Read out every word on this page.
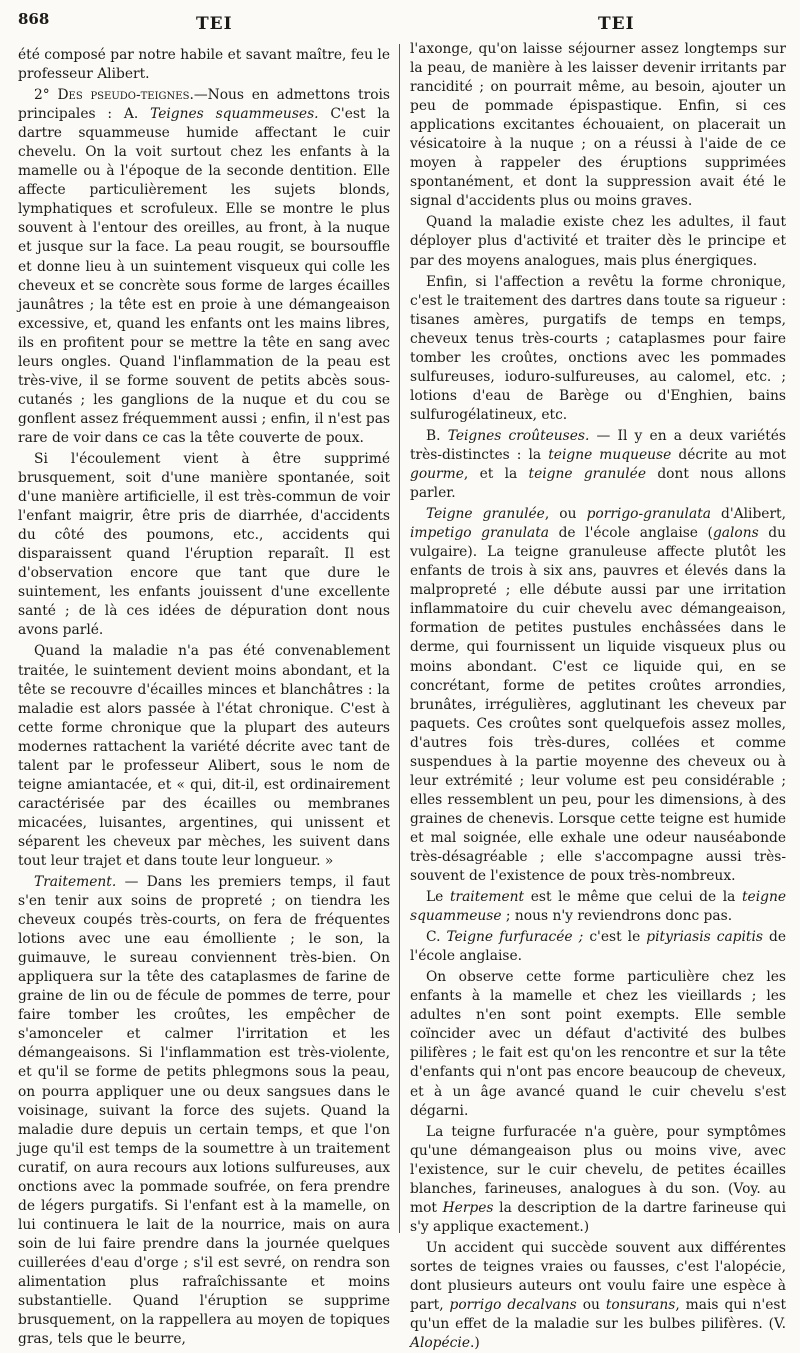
868	TEI	TEI

été composé par notre habile et savant maître, feu le professeur Alibert.

2° Des pseudo-teignes.—Nous en admettons trois principales : A. Teignes squammeuses. C'est la dartre squammeuse humide affectant le cuir chevelu. On la voit surtout chez les enfants à la mamelle ou à l'époque de la seconde dentition. Elle affecte particulièrement les sujets blonds, lymphatiques et scrofuleux. Elle se montre le plus souvent à l'entour des oreilles, au front, à la nuque et jusque sur la face. La peau rougit, se boursouffle et donne lieu à un suintement visqueux qui colle les cheveux et se concrète sous forme de larges écailles jaunâtres ; la tête est en proie à une démangeaison excessive, et, quand les enfants ont les mains libres, ils en profitent pour se mettre la tête en sang avec leurs ongles. Quand l'inflammation de la peau est très-vive, il se forme souvent de petits abcès sous-cutanés ; les ganglions de la nuque et du cou se gonflent assez fréquemment aussi ; enfin, il n'est pas rare de voir dans ce cas la tête couverte de poux.

Si l'écoulement vient à être supprimé brusquement, soit d'une manière spontanée, soit d'une manière artificielle, il est très-commun de voir l'enfant maigrir, être pris de diarrhée, d'accidents du côté des poumons, etc., accidents qui disparaissent quand l'éruption reparaît. Il est d'observation encore que tant que dure le suintement, les enfants jouissent d'une excellente santé ; de là ces idées de dépuration dont nous avons parlé.

Quand la maladie n'a pas été convenablement traitée, le suintement devient moins abondant, et la tête se recouvre d'écailles minces et blanchâtres : la maladie est alors passée à l'état chronique. C'est à cette forme chronique que la plupart des auteurs modernes rattachent la variété décrite avec tant de talent par le professeur Alibert, sous le nom de teigne amiantacée, et « qui, dit-il, est ordinairement caractérisée par des écailles ou membranes micacées, luisantes, argentines, qui unissent et séparent les cheveux par mèches, les suivent dans tout leur trajet et dans toute leur longueur. »

Traitement. — Dans les premiers temps, il faut s'en tenir aux soins de propreté ; on tiendra les cheveux coupés très-courts, on fera de fréquentes lotions avec une eau émolliente ; le son, la guimauve, le sureau conviennent très-bien. On appliquera sur la tête des cataplasmes de farine de graine de lin ou de fécule de pommes de terre, pour faire tomber les croûtes, les empêcher de s'amonceler et calmer l'irritation et les démangeaisons. Si l'inflammation est très-violente, et qu'il se forme de petits phlegmons sous la peau, on pourra appliquer une ou deux sangsues dans le voisinage, suivant la force des sujets. Quand la maladie dure depuis un certain temps, et que l'on juge qu'il est temps de la soumettre à un traitement curatif, on aura recours aux lotions sulfureuses, aux onctions avec la pommade soufrée, on fera prendre de légers purgatifs. Si l'enfant est à la mamelle, on lui continuera le lait de la nourrice, mais on aura soin de lui faire prendre dans la journée quelques cuillerées d'eau d'orge ; s'il est sevré, on rendra son alimentation plus rafraîchissante et moins substantielle. Quand l'éruption se supprime brusquement, on la rappellera au moyen de topiques gras, tels que le beurre,

l'axonge, qu'on laisse séjourner assez longtemps sur la peau, de manière à les laisser devenir irritants par rancidité ; on pourrait même, au besoin, ajouter un peu de pommade épispastique. Enfin, si ces applications excitantes échouaient, on placerait un vésicatoire à la nuque ; on a réussi à l'aide de ce moyen à rappeler des éruptions supprimées spontanément, et dont la suppression avait été le signal d'accidents plus ou moins graves.

Quand la maladie existe chez les adultes, il faut déployer plus d'activité et traiter dès le principe et par des moyens analogues, mais plus énergiques.

Enfin, si l'affection a revêtu la forme chronique, c'est le traitement des dartres dans toute sa rigueur : tisanes amères, purgatifs de temps en temps, cheveux tenus très-courts ; cataplasmes pour faire tomber les croûtes, onctions avec les pommades sulfureuses, ioduro-sulfureuses, au calomel, etc. ; lotions d'eau de Barège ou d'Enghien, bains sulfurogélatineux, etc.

B. Teignes croûteuses. — Il y en a deux variétés très-distinctes : la teigne muqueuse décrite au mot gourme, et la teigne granulée dont nous allons parler.

Teigne granulée, ou porrigo-granulata d'Alibert, impetigo granulata de l'école anglaise (galons du vulgaire). La teigne granuleuse affecte plutôt les enfants de trois à six ans, pauvres et élevés dans la malpropreté ; elle débute aussi par une irritation inflammatoire du cuir chevelu avec démangeaison, formation de petites pustules enchâssées dans le derme, qui fournissent un liquide visqueux plus ou moins abondant. C'est ce liquide qui, en se concrétant, forme de petites croûtes arrondies, brunâtes, irrégulières, agglutinant les cheveux par paquets. Ces croûtes sont quelquefois assez molles, d'autres fois très-dures, collées et comme suspendues à la partie moyenne des cheveux ou à leur extrémité ; leur volume est peu considérable ; elles ressemblent un peu, pour les dimensions, à des graines de chenevis. Lorsque cette teigne est humide et mal soignée, elle exhale une odeur nauséabonde très-désagréable ; elle s'accompagne aussi très-souvent de l'existence de poux très-nombreux.

Le traitement est le même que celui de la teigne squammeuse ; nous n'y reviendrons donc pas.

C. Teigne furfuracée ; c'est le pityriasis capitis de l'école anglaise.

On observe cette forme particulière chez les enfants à la mamelle et chez les vieillards ; les adultes n'en sont point exempts. Elle semble coïncider avec un défaut d'activité des bulbes pilifères ; le fait est qu'on les rencontre et sur la tête d'enfants qui n'ont pas encore beaucoup de cheveux, et à un âge avancé quand le cuir chevelu s'est dégarni.

La teigne furfuracée n'a guère, pour symptômes qu'une démangeaison plus ou moins vive, avec l'existence, sur le cuir chevelu, de petites écailles blanches, farineuses, analogues à du son. (Voy. au mot Herpes la description de la dartre farineuse qui s'y applique exactement.)

Un accident qui succède souvent aux différentes sortes de teignes vraies ou fausses, c'est l'alopécie, dont plusieurs auteurs ont voulu faire une espèce à part, porrigo decalvans ou tonsurans, mais qui n'est qu'un effet de la maladie sur les bulbes pilifères. (V. Alopécie.)
